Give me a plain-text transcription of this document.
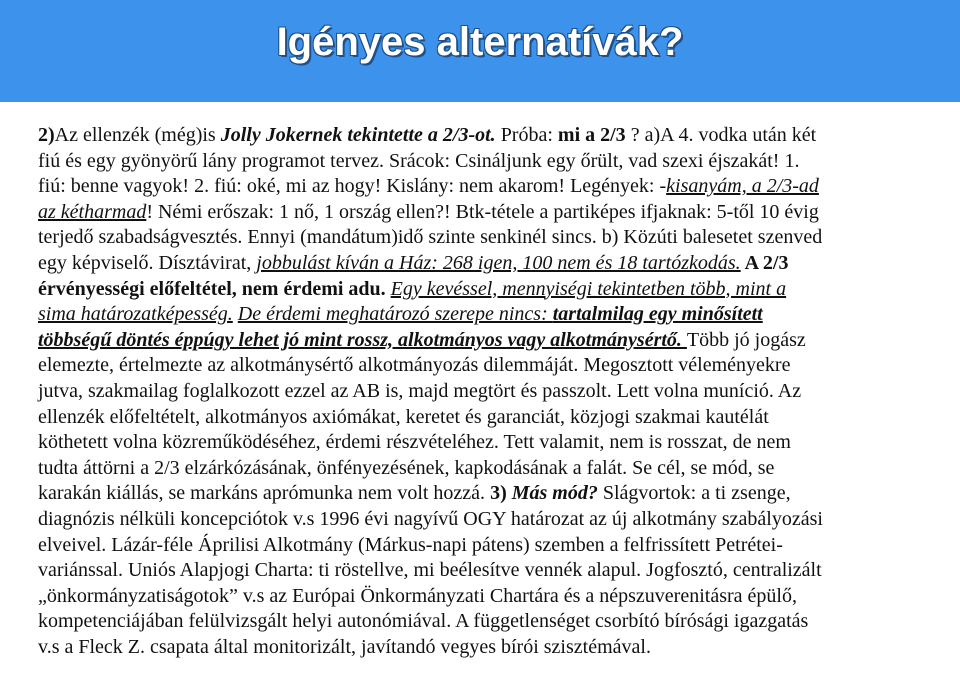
Igényes alternatívák?
2)Az ellenzék (még)is Jolly Jokernek tekintette a 2/3-ot. Próba: mi a 2/3 ? a)A 4. vodka után két
fiú és egy gyönyörű lány programot tervez. Srácok: Csináljunk egy őrült, vad szexi éjszakát! 1.
fiú: benne vagyok! 2. fiú: oké, mi az hogy! Kislány: nem akarom! Legények: -kisanyám, a 2/3-ad
az kétharmad! Némi erőszak: 1 nő, 1 ország ellen?! Btk-tétele a partiképes ifjaknak: 5-től 10 évig
terjedő szabadságvesztés. Ennyi (mandátum)idő szinte senkinél sincs. b) Közúti balesetet szenved
egy képviselő. Dísztávirat, jobbulást kíván a Ház: 268 igen, 100 nem és 18 tartózkodás. A 2/3
érvényességi előfeltétel, nem érdemi adu. Egy kevéssel, mennyiségi tekintetben több, mint a
sima határozatképesség. De érdemi meghatározó szerepe nincs: tartalmilag egy minősített
többségű döntés éppúgy lehet jó mint rossz, alkotmányos vagy alkotmánysértő. Több jó jogász
elemezte, értelmezte az alkotmánysértő alkotmányozás dilemmáját. Megosztott véleményekre
jutva, szakmailag foglalkozott ezzel az AB is, majd megtört és passzolt. Lett volna muníció. Az
ellenzék előfeltételt, alkotmányos axiómákat, keretet és garanciát, közjogi szakmai kautélát
köthetett volna közreműködéséhez, érdemi részvételéhez. Tett valamit, nem is rosszat, de nem
tudta áttörni a 2/3 elzárkózásának, önfényezésének, kapkodásának a falát. Se cél, se mód, se
karakán kiállás, se markáns aprómunka nem volt hozzá. 3) Más mód? Slágvortok: a ti zsenge,
diagnózis nélküli koncepciótok v.s 1996 évi nagyívű OGY határozat az új alkotmány szabályozási
elveivel. Lázár-féle Áprilisi Alkotmány (Márkus-napi pátens) szemben a felfrissített Petrétei-
variánssal. Uniós Alapjogi Charta: ti röstellve, mi beélesítve vennék alapul. Jogfosztó, centralizált
„önkormányzatiságotok” v.s az Európai Önkormányzati Chartára és a népszuverenitásra épülő,
kompetenciájában felülvizsgált helyi autonómiával. A függetlenséget csorbító bírósági igazgatás
v.s a Fleck Z. csapata által monitorizált, javítandó vegyes bírói szisztémával.
